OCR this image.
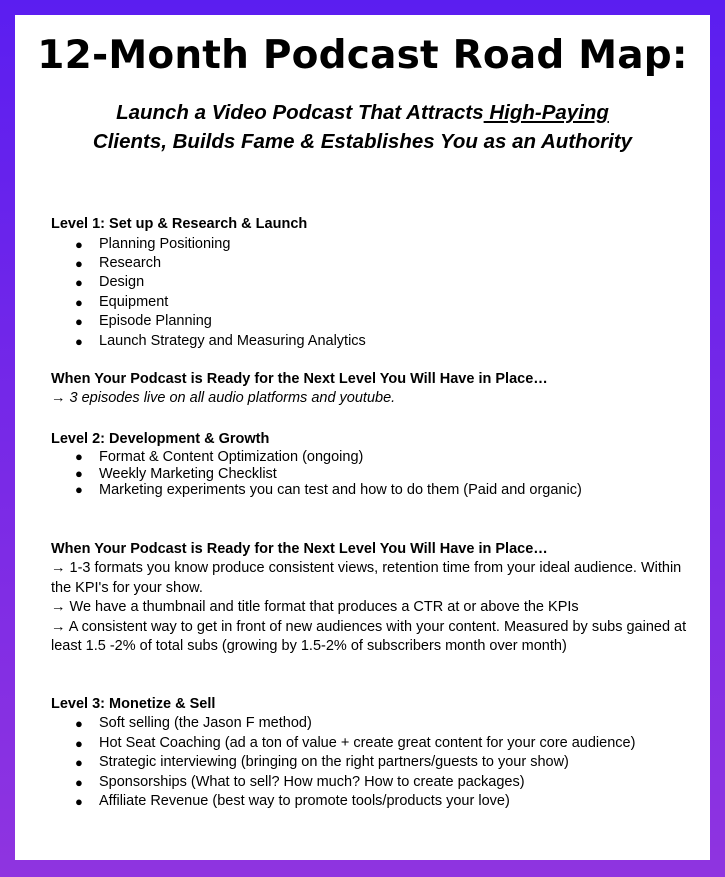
12-Month Podcast Road Map:
Launch a Video Podcast That Attracts High-Paying
Clients, Builds Fame & Establishes You as an Authority

Level 1: Set up & Research & Launch

● Planning Positioning
● Research
● Design
● Equipment
● Episode Planning
● Launch Strategy and Measuring Analytics

When Your Podcast is Ready for the Next Level You Will Have in Place…

→ 3 episodes live on all audio platforms and youtube.

Level 2: Development & Growth

● Format & Content Optimization (ongoing)
● Weekly Marketing Checklist
● Marketing experiments you can test and how to do them (Paid and organic)

When Your Podcast is Ready for the Next Level You Will Have in Place…

→ 1-3 formats you know produce consistent views, retention time from your ideal audience. Within the KPI's for your show.

→ We have a thumbnail and title format that produces a CTR at or above the KPIs

→ A consistent way to get in front of new audiences with your content. Measured by subs gained at least 1.5 -2% of total subs (growing by 1.5-2% of subscribers month over month)

Level 3: Monetize & Sell

● Soft selling (the Jason F method)
● Hot Seat Coaching (ad a ton of value + create great content for your core audience)
● Strategic interviewing (bringing on the right partners/guests to your show)
● Sponsorships (What to sell? How much? How to create packages)
● Affiliate Revenue (best way to promote tools/products your love)
